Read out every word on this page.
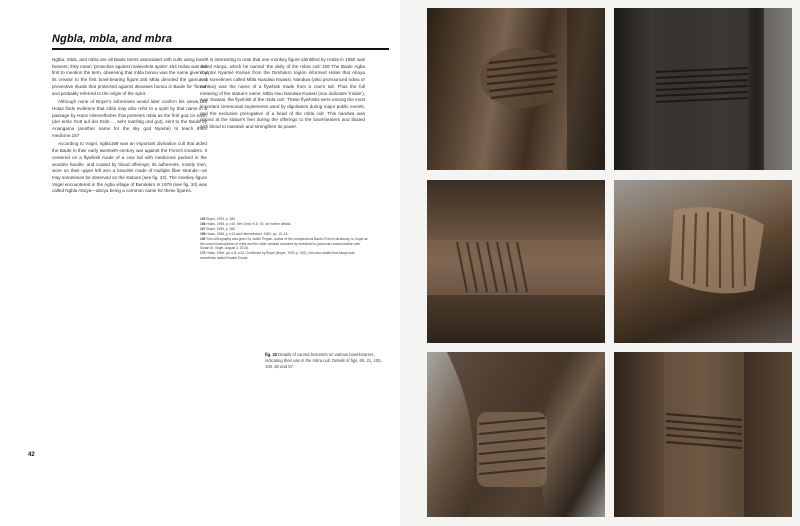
Ngbla, mbla, and mbra

Ngbla, mbla, and mbra are all Baule terms associated with cults using bowl-bearers; they mean ‘protective against malevolent spirits’.164 Holas was the first to mention the term, observing that mbla bonou was the name given by its creator to the first bowl-bearing figure.165 Mbla denoted the gamut of preventive rituals that protected against diseases bonou is Baule for ‘forest’ and probably referred to the origin of the spirit.

Although none of Boyer’s informants would later confirm his views,166 Holas finds evidence that mbla may also refer to a spirit by that name in a passage by Hans Himmelheber that presents mbla as the first god on earth (der erste Gott auf der Erde … sehr mächtig und gut), sent to the Baule by Anangama (another name for the sky god Nyamé) to teach them medicine.167

According to Vogel, ngbla168 was an important divination cult that aided the Baule in their early twentieth-century war against the French invaders. It centered on a flywhisk made of a cow tail with medicines packed in the wooden handle, and coated by blood offerings; its adherents, mostly men, wore on their upper left arm a bracelet made of multiple fiber strands—as may sometimes be observed on the statues (see fig. 22). The monkey figure Vogel encountered in the Agba village of Bendekro in 1978 (see fig. 34) was called Ngbla Aboya—aboya being a common name for these figures.

It is interesting to note that one monkey figure identified by Holas in 1950 was called Aboya, which he named ‘the deity of the mbra cult’.169 The Baule Agba sculptor Nyamié Koinan from the Dimbokro region informed Holas that Aboya was sometimes called Mbla Nandwa Kwassi. Nandwa (also pronounced ndwa or nanlwa) was the name of a flywhisk made from a cow’s tail. Thus the full meaning of the statue’s name, Mbla Nou Nandwa Kwassi (nou indicates ‘inside’), was ‘Kwassi, the flywhisk of the mbla cult.’ These flywhisks were among the most important ceremonial implements used by dignitaries during major public events, and the exclusive prerogative of a head of the mbla cult. This nandwa was placed at the statue’s feet during the offerings to the bowl-bearers and libated with blood to maintain and strengthen its power.

165 Boyer, 1993, p. 360.
166 Holas, 1956, p. n16. See Ginzi in 2t, 51, for further details.
167 Boyer, 1993, p. 360.
168 Holas, 1956, p. n13 and Himmelheber, 1960, pp. 15–16.
169 This orthography was given by Judith Timyan, author of the compendious Baule–French dictionary, to Vogel as the correct transcription of mbla and the other variants recorded by researchers (personal communication with Susan M. Vogel, August 3, 2015).
170 Holas, 1956, pp. n11–n13. Confirmed by Boyer (Boyer, 1993, p. 361), who also stated that Aboya was sometimes called Kwassi Kouda.
fig. 22 Details of carved bracelets on various bowl-bearers, indicating their use in the mbra cult. Details of figs. 69, 21, 105, 100, 50 and 57.
42
